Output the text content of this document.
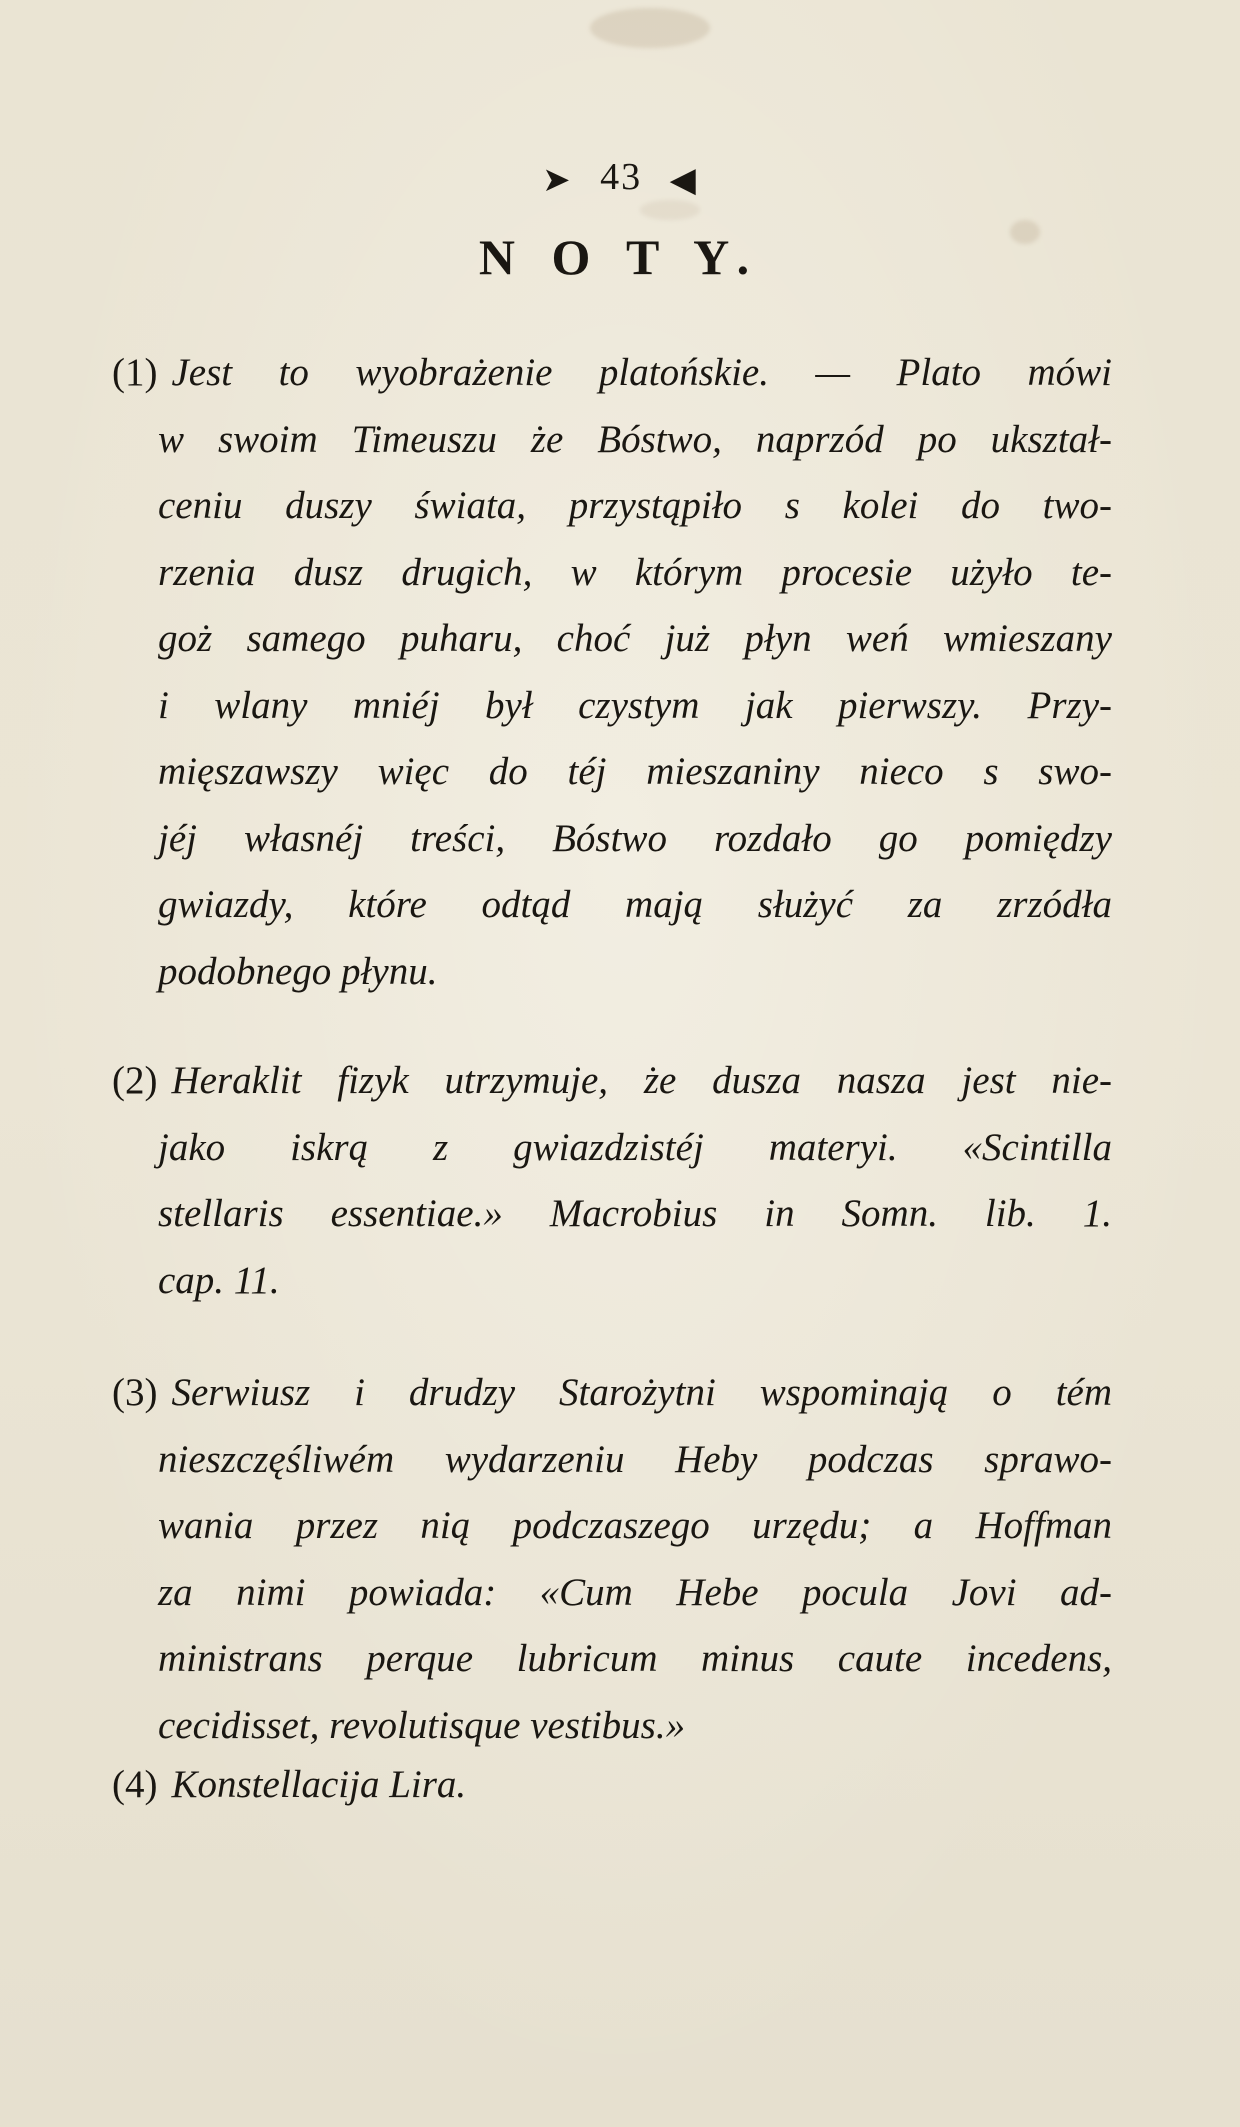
➤ 43 ◀
N O T Y.
(1) Jest to wyobrażenie platońskie. — Plato mówi
w swoim Timeuszu że Bóstwo, naprzód po ukształ-
ceniu duszy świata, przystąpiło s kolei do two-
rzenia dusz drugich, w którym procesie użyło te-
goż samego puharu, choć już płyn weń wmieszany
i wlany mniéj był czystym jak pierwszy. Przy-
mięszawszy więc do téj mieszaniny nieco s swo-
jéj własnéj treści, Bóstwo rozdało go pomiędzy
gwiazdy, które odtąd mają służyć za zrzódła
podobnego płynu.
(2) Heraklit fizyk utrzymuje, że dusza nasza jest nie-
jako iskrą z gwiazdzistéj materyi. «Scintilla
stellaris essentiae.» Macrobius in Somn. lib. 1.
cap. 11.
(3) Serwiusz i drudzy Starożytni wspominają o tém
nieszczęśliwém wydarzeniu Heby podczas sprawo-
wania przez nią podczaszego urzędu; a Hoffman
za nimi powiada: «Cum Hebe pocula Jovi ad-
ministrans perque lubricum minus caute incedens,
cecidisset, revolutisque vestibus.»
(4) Konstellacija Lira.
